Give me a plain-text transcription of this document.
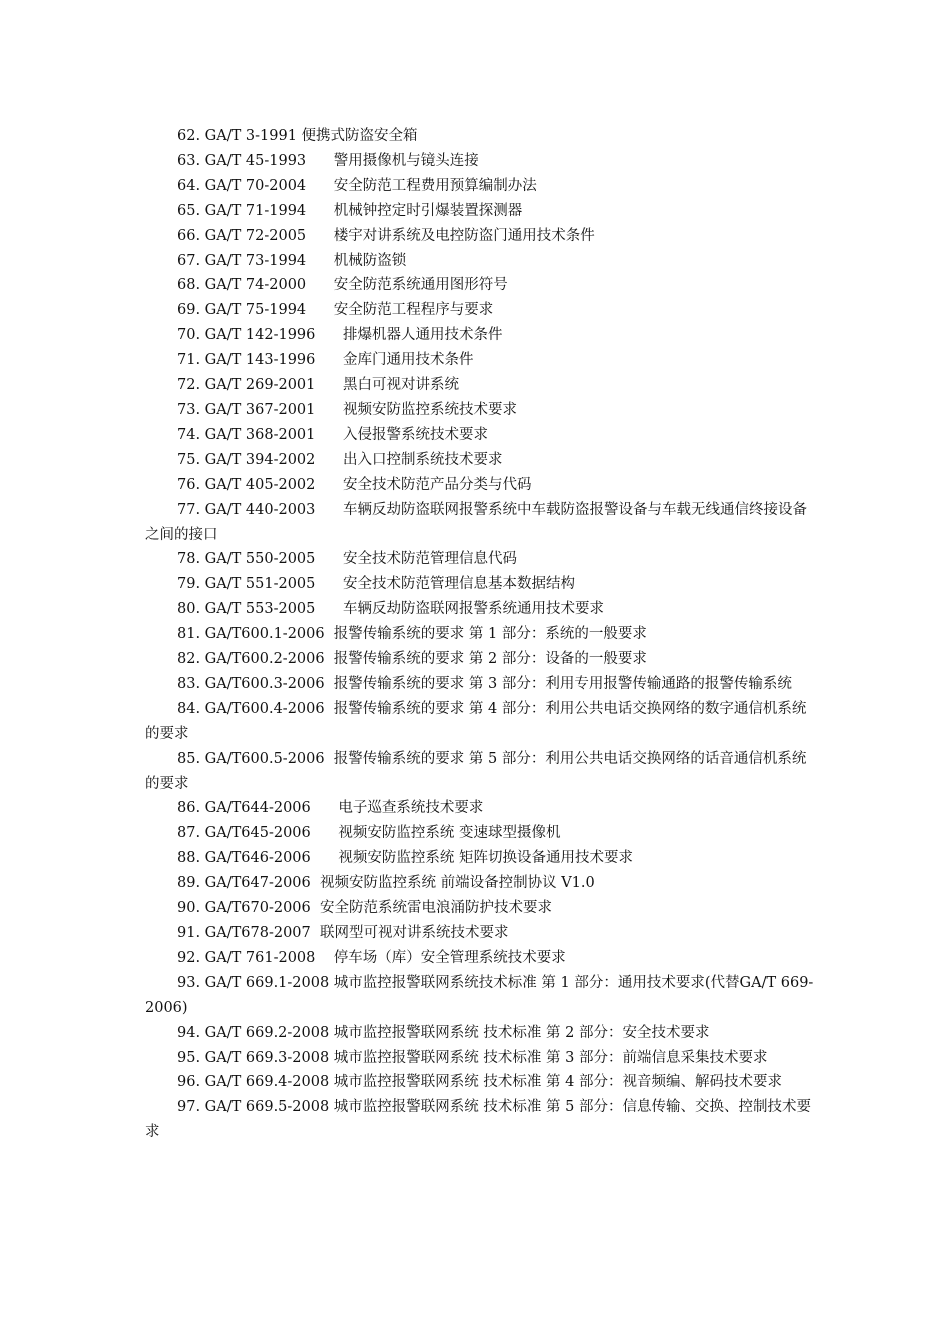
62. GA/T 3-1991 便携式防盗安全箱
63. GA/T 45-1993      警用摄像机与镜头连接
64. GA/T 70-2004      安全防范工程费用预算编制办法
65. GA/T 71-1994      机械钟控定时引爆装置探测器
66. GA/T 72-2005      楼宇对讲系统及电控防盗门通用技术条件
67. GA/T 73-1994      机械防盗锁
68. GA/T 74-2000      安全防范系统通用图形符号
69. GA/T 75-1994      安全防范工程程序与要求
70. GA/T 142-1996      排爆机器人通用技术条件
71. GA/T 143-1996      金库门通用技术条件
72. GA/T 269-2001      黑白可视对讲系统
73. GA/T 367-2001      视频安防监控系统技术要求
74. GA/T 368-2001      入侵报警系统技术要求
75. GA/T 394-2002      出入口控制系统技术要求
76. GA/T 405-2002      安全技术防范产品分类与代码
77. GA/T 440-2003      车辆反劫防盗联网报警系统中车载防盗报警设备与车载无线通信终接设备之间的接口
78. GA/T 550-2005      安全技术防范管理信息代码
79. GA/T 551-2005      安全技术防范管理信息基本数据结构
80. GA/T 553-2005      车辆反劫防盗联网报警系统通用技术要求
81. GA/T600.1-2006  报警传输系统的要求 第 1 部分：系统的一般要求
82. GA/T600.2-2006  报警传输系统的要求 第 2 部分：设备的一般要求
83. GA/T600.3-2006  报警传输系统的要求 第 3 部分：利用专用报警传输通路的报警传输系统
84. GA/T600.4-2006  报警传输系统的要求 第 4 部分：利用公共电话交换网络的数字通信机系统的要求
85. GA/T600.5-2006  报警传输系统的要求 第 5 部分：利用公共电话交换网络的话音通信机系统的要求
86. GA/T644-2006      电子巡查系统技术要求
87. GA/T645-2006      视频安防监控系统 变速球型摄像机
88. GA/T646-2006      视频安防监控系统 矩阵切换设备通用技术要求
89. GA/T647-2006  视频安防监控系统 前端设备控制协议 V1.0
90. GA/T670-2006  安全防范系统雷电浪涌防护技术要求
91. GA/T678-2007  联网型可视对讲系统技术要求
92. GA/T 761-2008    停车场（库）安全管理系统技术要求
93. GA/T 669.1-2008 城市监控报警联网系统技术标准 第 1 部分：通用技术要求(代替GA/T 669-2006)
94. GA/T 669.2-2008 城市监控报警联网系统 技术标准 第 2 部分：安全技术要求
95. GA/T 669.3-2008 城市监控报警联网系统 技术标准 第 3 部分：前端信息采集技术要求
96. GA/T 669.4-2008 城市监控报警联网系统 技术标准 第 4 部分：视音频编、解码技术要求
97. GA/T 669.5-2008 城市监控报警联网系统 技术标准 第 5 部分：信息传输、交换、控制技术要求
